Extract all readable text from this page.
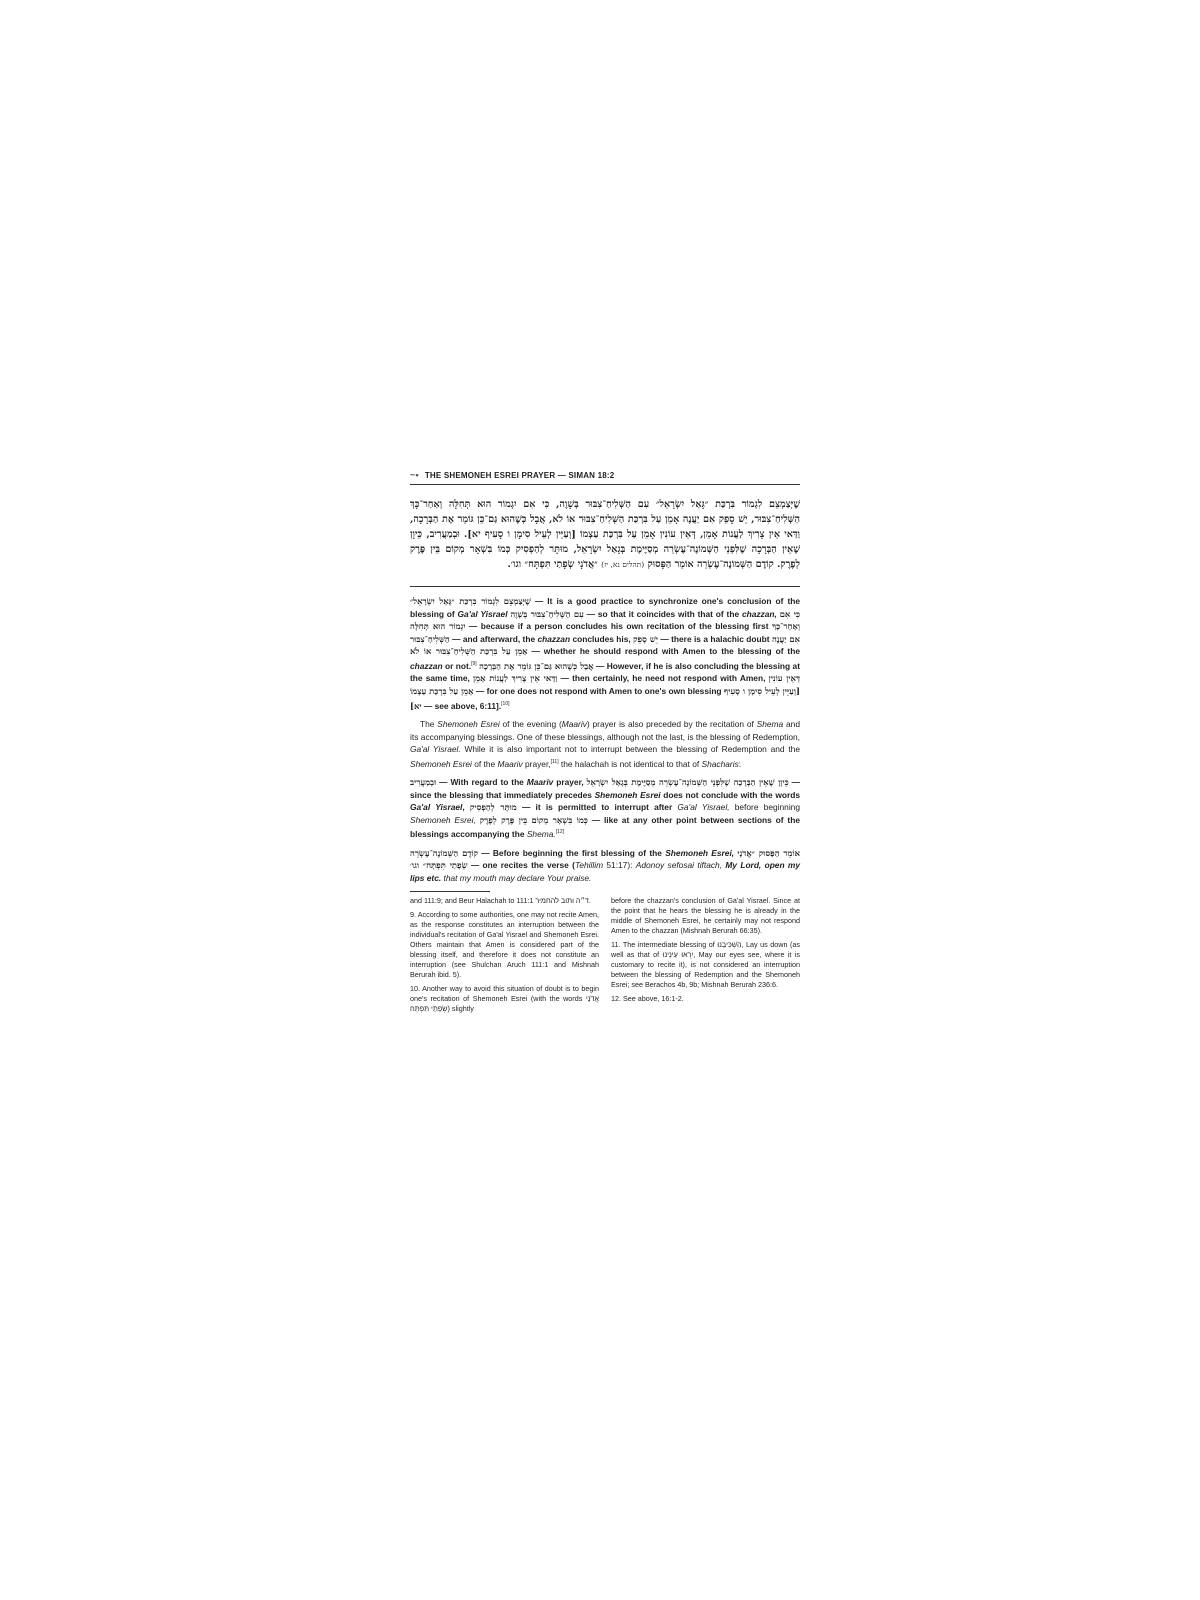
~• THE SHEMONEH ESREI PRAYER — SIMAN 18:2
שֶׁיְּצַמְצֵם לִגְמוֹר בִּרְכַּת ״גָּאַל יִשְׂרָאֵל״ עִם הַשְּׁלִיחַ־צִבּוּר בְּשָׁוֶה, כִּי אִם יִגְמוֹר הוּא תְּחִלָּה וְאַחַר־כָּךְ הַשְּׁלִיחַ־צִבּוּר, יֵשׁ סָפֵק אִם יַעֲנֶה אָמֵן עַל בִּרְכַּת הַשְּׁלִיחַ־צִבּוּר אוֹ לֹא, אֲבָל כְּשֶׁהוּא גַּם־כֵּן גּוֹמֵר אֶת הַבְּרָכָה, וַדַּאי אֵין צָרִיךְ לַעֲנוֹת אָמֵן, דְּאֵין עוֹנִין אָמֵן עַל בִּרְכַּת עַצְמוֹ [וְעַיֵּין לְעֵיל סִימָן ו סָעִיף יא]. וּבְמַעֲרִיב, כֵּיוָן שֶׁאֵין הַבְּרָכָה שֶׁלִּפְנֵי הַשְּׁמוֹנֶה־עֶשְׂרֵה מְסַיֶּימֶת בְּגָאַל יִשְׂרָאֵל, מוּתָּר לְהַפְסִיק כְּמוֹ בִּשְׁאָר מְקוֹם בֵּין פֶּרֶק לְפֶרֶק. קוֹדֶם הַשְּׁמוֹנֶה־עֶשְׂרֵה אוֹמֵר הַפָּסוּק (תהלים נא, יז) ״אֲדֹנָי שְׂפָתַי תִּפְתָּח״ וגו׳.

שֶׁיְּצַמְצֵם לִגְמוֹר בִּרְכַּת ״גָּאַל יִשְׂרָאֵל״ — It is a good practice to synchronize one's conclusion of the blessing of Ga'al Yisrael עִם הַשְּׁלִיחַ־צִבּוּר בְּשָׁוֶה — so that it coincides with that of the chazzan, כִּי אִם יִגְמוֹר הוּא תְּחִלָּה — because if a person concludes his own recitation of the blessing first וְאַחַר־כָּךְ הַשְּׁלִיחַ־צִבּוּר — and afterward, the chazzan concludes his, יֵשׁ סָפֵק — there is a halachic doubt אִם יַעֲנֶה אָמֵן עַל בִּרְכַּת הַשְּׁלִיחַ־צִבּוּר אוֹ לֹא — whether he should respond with Amen to the blessing of the chazzan or not.[9] אֲבָל כְּשֶׁהוּא גַּם־כֵּן גּוֹמֵר אֶת הַבְּרָכָה — However, if he is also concluding the blessing at the same time, וַדַּאי אֵין צָרִיךְ לַעֲנוֹת אָמֵן — then certainly, he need not respond with Amen, דְּאֵין עוֹנִין אָמֵן עַל בִּרְכַּת עַצְמוֹ — for one does not respond with Amen to one's own blessing [וְעַיֵּין לְעֵיל סִימָן ו סָעִיף יא] — see above, 6:11].[10]

The Shemoneh Esrei of the evening (Maariv) prayer is also preceded by the recitation of Shema and its accompanying blessings. One of these blessings, although not the last, is the blessing of Redemption, Ga'al Yisrael. While it is also important not to interrupt between the blessing of Redemption and the Shemoneh Esrei of the Maariv prayer,[11] the halachah is not identical to that of Shacharis:

וּבְמַעֲרִיב — With regard to the Maariv prayer, כֵּיוָן שֶׁאֵין הַבְּרָכָה שֶׁלִּפְנֵי הַשְּׁמוֹנֶה־עֶשְׂרֵה מְסַיֶּימֶת בְּגָאַל יִשְׂרָאֵל — since the blessing that immediately precedes Shemoneh Esrei does not conclude with the words Ga'al Yisrael, מוּתָּר לְהַפְסִיק — it is permitted to interrupt after Ga'al Yisrael, before beginning Shemoneh Esrei, כְּמוֹ בִּשְׁאָר מְקוֹם בֵּין פֶּרֶק לְפֶרֶק — like at any other point between sections of the blessings accompanying the Shema.[12]

קוֹדֶם הַשְּׁמוֹנֶה־עֶשְׂרֵה — Before beginning the first blessing of the Shemoneh Esrei, אוֹמֵר הַפָּסוּק ״אֲדֹנָי שְׂפָתַי תִּפְתָּח״ וגו׳ — one recites the verse (Tehillim 51:17): Adonoy sefosai tiftach, My Lord, open my lips etc. that my mouth may declare Your praise.

and 111:9; and Beur Halachah to 111:1 ד״ה ותוב להחמיר.

9. According to some authorities, one may not recite Amen, as the response constitutes an interruption between the individual's recitation of Ga'al Yisrael and Shemoneh Esrei. Others maintain that Amen is considered part of the blessing itself, and therefore it does not constitute an interruption (see Shulchan Aruch 111:1 and Mishnah Berurah ibid. 5).

10. Another way to avoid this situation of doubt is to begin one's recitation of Shemoneh Esrei (with the words אֲדֹנָי שְׂפָתַי תִּפְתָּח) slightly

before the chazzan's conclusion of Ga'al Yisrael. Since at the point that he hears the blessing he is already in the middle of Shemoneh Esrei, he certainly may not respond Amen to the chazzan (Mishnah Berurah 66:35).

11. The intermediate blessing of הַשְׁכִּיבֵנוּ, Lay us down (as well as that of יִרְאוּ עֵינֵינוּ, May our eyes see, where it is customary to recite it), is not considered an interruption between the blessing of Redemption and the Shemoneh Esrei; see Berachos 4b, 9b; Mishnah Berurah 236:6.

12. See above, 16:1-2.
